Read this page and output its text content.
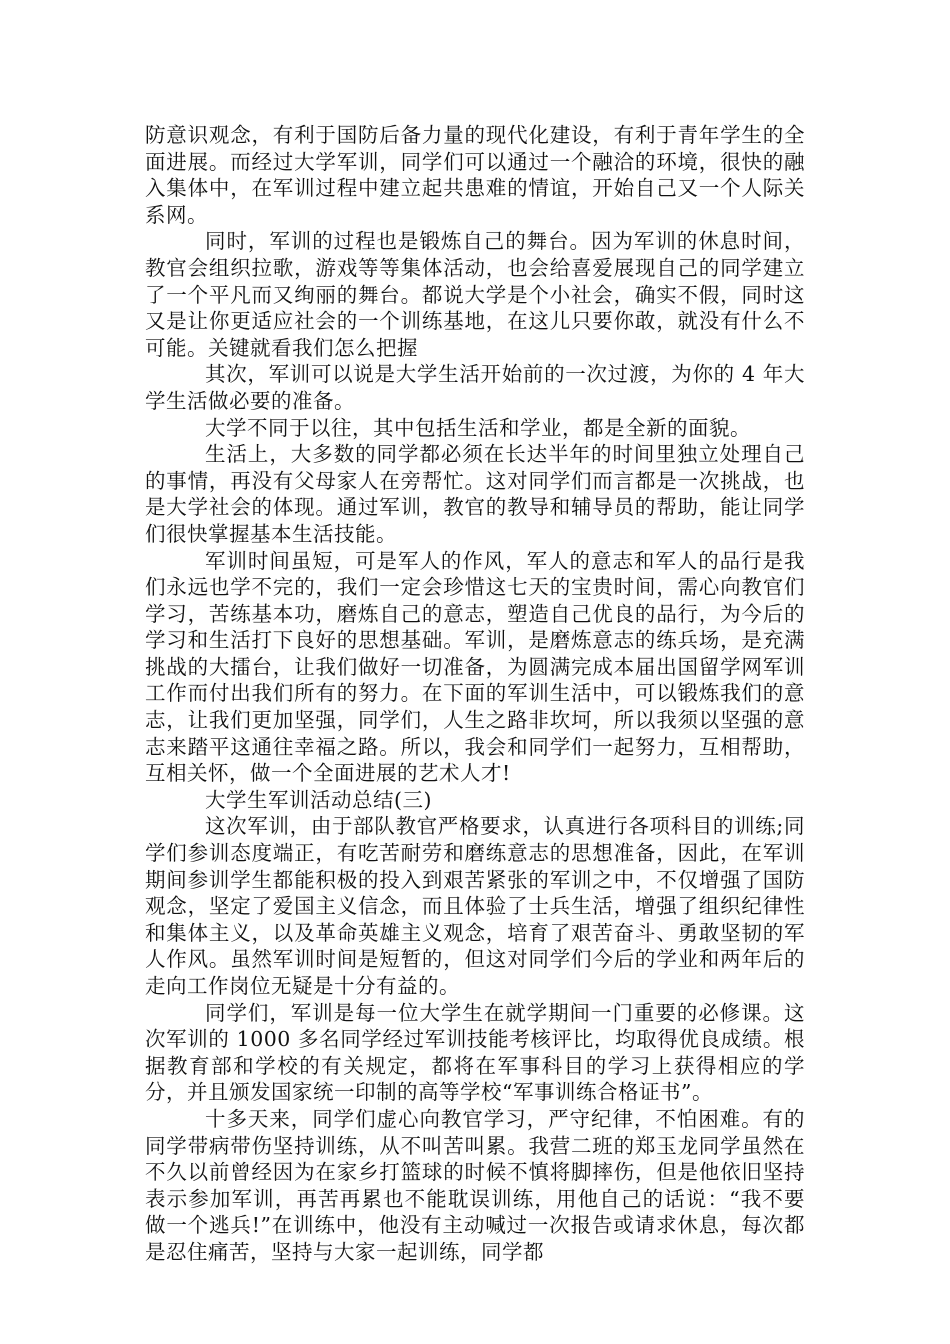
防意识观念，有利于国防后备力量的现代化建设，有利于青年学生的全面进展。而经过大学军训，同学们可以通过一个融洽的环境，很快的融入集体中，在军训过程中建立起共患难的情谊，开始自己又一个人际关系网。

同时，军训的过程也是锻炼自己的舞台。因为军训的休息时间，教官会组织拉歌，游戏等等集体活动，也会给喜爱展现自己的同学建立了一个平凡而又绚丽的舞台。都说大学是个小社会，确实不假，同时这又是让你更适应社会的一个训练基地，在这儿只要你敢，就没有什么不可能。关键就看我们怎么把握

其次，军训可以说是大学生活开始前的一次过渡，为你的 4 年大学生活做必要的准备。

大学不同于以往，其中包括生活和学业，都是全新的面貌。

生活上，大多数的同学都必须在长达半年的时间里独立处理自己的事情，再没有父母家人在旁帮忙。这对同学们而言都是一次挑战，也是大学社会的体现。通过军训，教官的教导和辅导员的帮助，能让同学们很快掌握基本生活技能。

军训时间虽短，可是军人的作风，军人的意志和军人的品行是我们永远也学不完的，我们一定会珍惜这七天的宝贵时间，需心向教官们学习，苦练基本功，磨炼自己的意志，塑造自己优良的品行，为今后的学习和生活打下良好的思想基础。军训，是磨炼意志的练兵场，是充满挑战的大擂台，让我们做好一切准备，为圆满完成本届出国留学网军训工作而付出我们所有的努力。在下面的军训生活中，可以锻炼我们的意志，让我们更加坚强，同学们，人生之路非坎坷，所以我须以坚强的意志来踏平这通往幸福之路。所以，我会和同学们一起努力，互相帮助，互相关怀，做一个全面进展的艺术人才!

大学生军训活动总结(三)

这次军训，由于部队教官严格要求，认真进行各项科目的训练;同学们参训态度端正，有吃苦耐劳和磨练意志的思想准备，因此，在军训期间参训学生都能积极的投入到艰苦紧张的军训之中，不仅增强了国防观念，坚定了爱国主义信念，而且体验了士兵生活，增强了组织纪律性和集体主义，以及革命英雄主义观念，培育了艰苦奋斗、勇敢坚韧的军人作风。虽然军训时间是短暂的，但这对同学们今后的学业和两年后的走向工作岗位无疑是十分有益的。

同学们，军训是每一位大学生在就学期间一门重要的必修课。这次军训的 1000 多名同学经过军训技能考核评比，均取得优良成绩。根据教育部和学校的有关规定，都将在军事科目的学习上获得相应的学分，并且颁发国家统一印制的高等学校“军事训练合格证书”。

十多天来，同学们虚心向教官学习，严守纪律，不怕困难。有的同学带病带伤坚持训练，从不叫苦叫累。我营二班的郑玉龙同学虽然在不久以前曾经因为在家乡打篮球的时候不慎将脚摔伤，但是他依旧坚持表示参加军训，再苦再累也不能耽误训练，用他自己的话说：“我不要做一个逃兵!”在训练中，他没有主动喊过一次报告或请求休息，每次都是忍住痛苦，坚持与大家一起训练，同学都
